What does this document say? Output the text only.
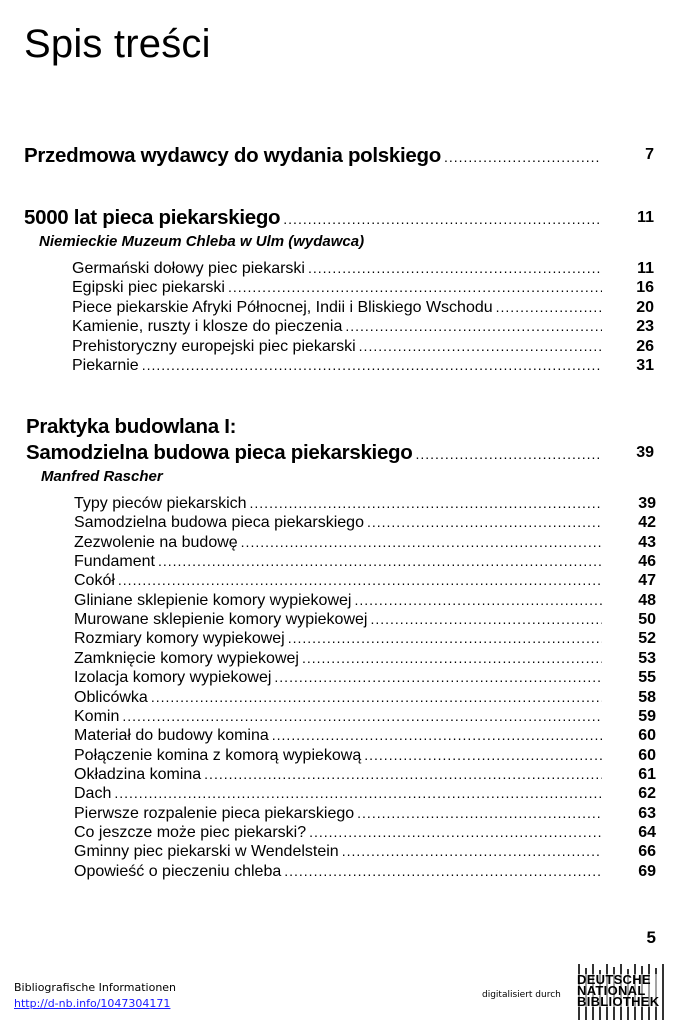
Spis treści
Przedmowa wydawcy do wydania polskiego .....	7
5000 lat pieca piekarskiego .....	11
Niemieckie Muzeum Chleba w Ulm (wydawca)
Germański dołowy piec piekarski .....	11
Egipski piec piekarski .....	16
Piece piekarskie Afryki Północnej, Indii i Bliskiego Wschodu .....	20
Kamienie, ruszty i klosze do pieczenia .....	23
Prehistoryczny europejski piec piekarski .....	26
Piekarnie .....	31
Praktyka budowlana I:
Samodzielna budowa pieca piekarskiego .....	39
Manfred Rascher
Typy pieców piekarskich .....	39
Samodzielna budowa pieca piekarskiego .....	42
Zezwolenie na budowę .....	43
Fundament .....	46
Cokół .....	47
Gliniane sklepienie komory wypiekowej .....	48
Murowane sklepienie komory wypiekowej .....	50
Rozmiary komory wypiekowej .....	52
Zamknięcie komory wypiekowej .....	53
Izolacja komory wypiekowej .....	55
Oblicówka .....	58
Komin .....	59
Materiał do budowy komina .....	60
Połączenie komina z komorą wypiekową .....	60
Okładzina komina .....	61
Dach .....	62
Pierwsze rozpalenie pieca piekarskiego .....	63
Co jeszcze może piec piekarski? .....	64
Gminny piec piekarski w Wendelstein .....	66
Opowieść o pieczeniu chleba .....	69
5
Bibliografische Informationen
http://d-nb.info/1047304171
digitalisiert durch
DEUTSCHE
NATIONAL
BIBLIOTHEK
